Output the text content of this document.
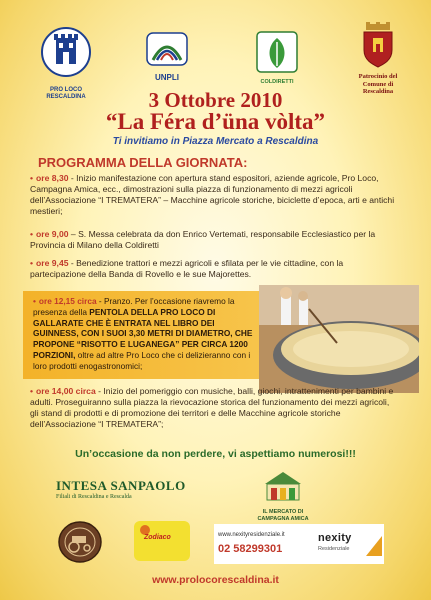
PRO LOCO RESCALDINA
UNPLI	COLDIRETTI
Patrocinio del Comune di Rescaldina
3 Ottobre 2010
“La Féra d’üna vòlta”
Ti invitiamo in Piazza Mercato a Rescaldina
PROGRAMMA DELLA GIORNATA:
• ore 8,30 - Inizio manifestazione con apertura stand espositori, aziende agricole, Pro Loco, Campagna Amica, ecc., dimostrazioni sulla piazza di funzionamento di mezzi agricoli dell’Associazione “I TREMATERA” – Macchine agricole storiche, biciclette d’epoca, arti e antichi mestieri;
• ore 9,00 – S. Messa celebrata da don Enrico Vertemati, responsabile Ecclesiastico per la Provincia di Milano della Coldiretti
• ore 9,45 - Benedizione trattori e mezzi agricoli e sfilata per le vie cittadine, con la partecipazione della Banda di Rovello e le sue Majorettes.
• ore 12,15 circa - Pranzo. Per l’occasione riavremo la presenza della PENTOLA DELLA PRO LOCO DI GALLARATE CHE È ENTRATA NEL LIBRO DEI GUINNESS, CON I SUOI 3,30 METRI DI DIAMETRO, CHE PROPONE “RISOTTO E LUGANEGA” PER CIRCA 1200 PORZIONI, oltre ad altre Pro Loco che ci delizieranno con i loro prodotti enogastronomici;
• ore 14,00 circa - Inizio del pomeriggio con musiche, balli, giochi, intrattenimenti per bambini e adulti. Proseguiranno sulla piazza la rievocazione storica del funzionamento dei mezzi agricoli, gli stand di prodotti e di promozione dei territori e delle Macchine agricole storiche dell’Associazione “I TREMATERA”;
Un’occasione da non perdere, vi aspettiamo numerosi!!!
INTESA SANPAOLO
Filiali di Rescaldina e Rescalda
IL MERCATO DI CAMPAGNA AMICA
Zodiaco	www.nexityresidenziale.it
02 58299301
nexity
Residenziale
www.prolocorescaldina.it
